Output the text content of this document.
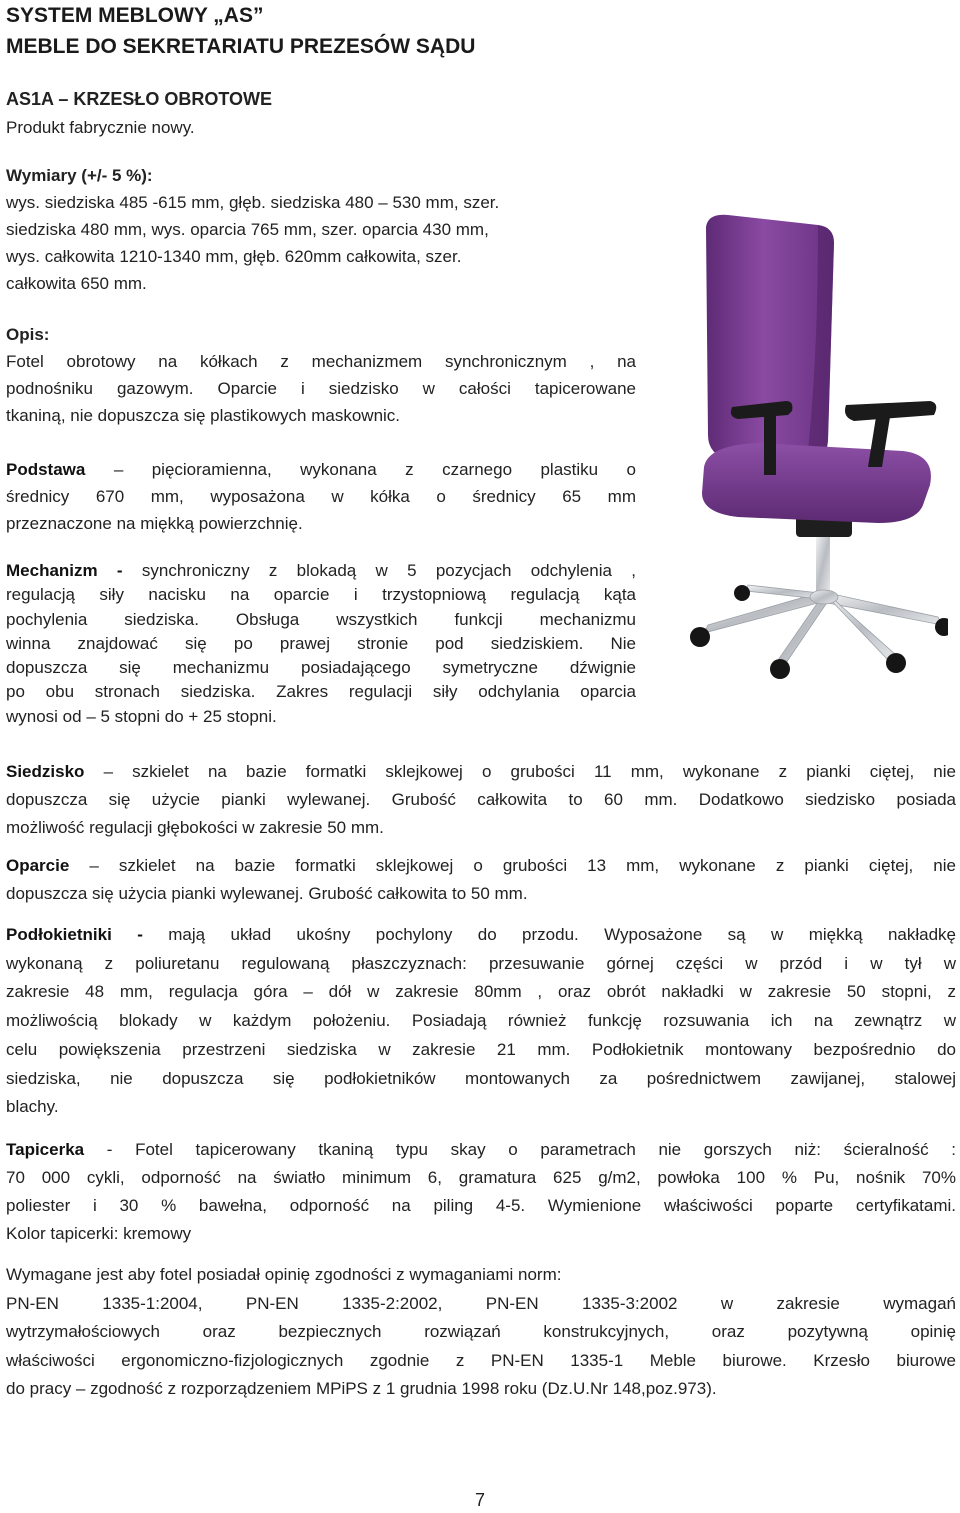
SYSTEM MEBLOWY „AS”
MEBLE DO SEKRETARIATU PREZESÓW SĄDU
AS1A – KRZESŁO OBROTOWE
Produkt fabrycznie nowy.

Wymiary (+/- 5 %):

wys. siedziska 485 -615 mm, głęb. siedziska 480 – 530 mm, szer.

siedziska 480 mm, wys. oparcia 765 mm, szer. oparcia 430 mm,

wys. całkowita 1210-1340 mm, głęb. 620mm całkowita, szer.

całkowita 650 mm.

Opis:

Fotel obrotowy na kółkach z mechanizmem synchronicznym , na

podnośniku gazowym. Oparcie i siedzisko w całości tapicerowane

tkaniną, nie dopuszcza się plastikowych maskownic.

Podstawa – pięcioramienna, wykonana z czarnego plastiku o

średnicy 670 mm, wyposażona w kółka o średnicy 65 mm

przeznaczone na miękką powierzchnię.

Mechanizm - synchroniczny z blokadą w 5 pozycjach odchylenia ,

regulacją siły nacisku na oparcie i trzystopniową regulacją kąta

pochylenia siedziska. Obsługa wszystkich funkcji mechanizmu

winna znajdować się po prawej stronie pod siedziskiem. Nie

dopuszcza się mechanizmu posiadającego symetryczne dźwignie

po obu stronach siedziska. Zakres regulacji siły odchylania oparcia

wynosi od – 5 stopni do + 25 stopni.

Siedzisko – szkielet na bazie formatki sklejkowej o grubości 11 mm, wykonane z pianki ciętej, nie

dopuszcza się użycie pianki wylewanej. Grubość całkowita to 60 mm. Dodatkowo siedzisko posiada

możliwość regulacji głębokości w zakresie 50 mm.

Oparcie – szkielet na bazie formatki sklejkowej o grubości 13 mm, wykonane z pianki ciętej, nie

dopuszcza się użycia pianki wylewanej. Grubość całkowita to 50 mm.

Podłokietniki - mają układ ukośny pochylony do przodu. Wyposażone są w miękką nakładkę

wykonaną z poliuretanu regulowaną płaszczyznach: przesuwanie górnej części w przód i w tył w

zakresie 48 mm, regulacja góra – dół w zakresie 80mm , oraz obrót nakładki w zakresie 50 stopni, z

możliwością blokady w każdym położeniu. Posiadają również funkcję rozsuwania ich na zewnątrz w

celu powiększenia przestrzeni siedziska w zakresie 21 mm. Podłokietnik montowany bezpośrednio do

siedziska, nie dopuszcza się podłokietników montowanych za pośrednictwem zawijanej, stalowej

blachy.

Tapicerka - Fotel tapicerowany tkaniną typu skay o parametrach nie gorszych niż: ścieralność :

70 000 cykli, odporność na światło minimum 6, gramatura 625 g/m2, powłoka 100 % Pu, nośnik 70%

poliester i 30 % bawełna, odporność na piling 4-5. Wymienione właściwości poparte certyfikatami.

Kolor tapicerki: kremowy

Wymagane jest aby fotel posiadał opinię zgodności z wymaganiami norm:

PN-EN 1335-1:2004, PN-EN 1335-2:2002, PN-EN 1335-3:2002 w zakresie wymagań

wytrzymałościowych oraz bezpiecznych rozwiązań konstrukcyjnych, oraz pozytywną opinię

właściwości ergonomiczno-fizjologicznych zgodnie z PN-EN 1335-1 Meble biurowe. Krzesło biurowe

do pracy – zgodność z rozporządzeniem MPiPS z 1 grudnia 1998 roku (Dz.U.Nr 148,poz.973).

7
